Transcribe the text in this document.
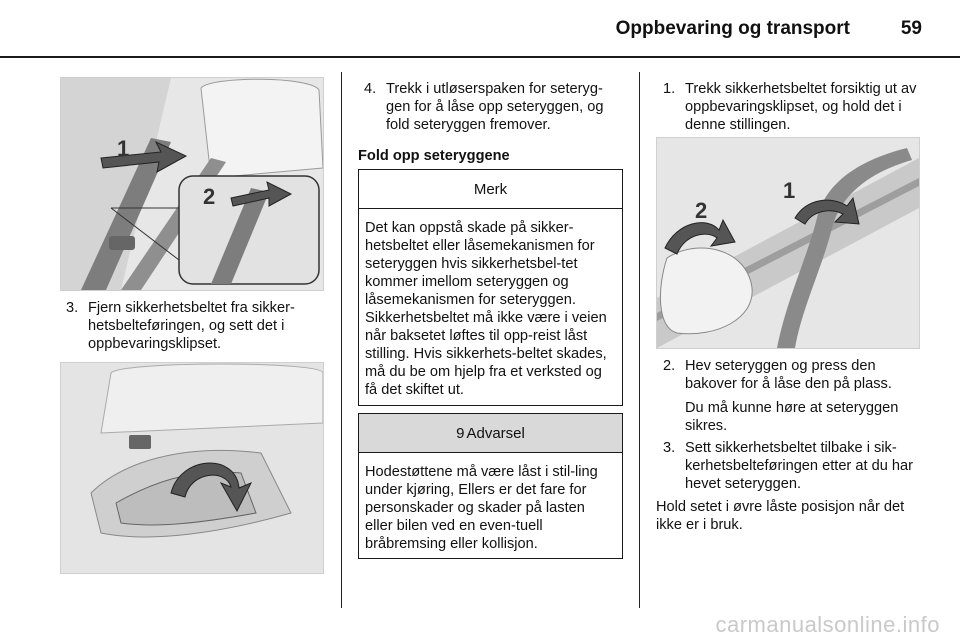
Oppbevaring og transport	59
1
2
3. Fjern sikkerhetsbeltet fra sikker-hetsbelteføringen, og sett det i oppbevaringsklipset.
4. Trekk i utløserspaken for seteryg-gen for å låse opp seteryggen, og fold seteryggen fremover.
Fold opp seteryggene
Merk
Det kan oppstå skade på sikker-hetsbeltet eller låsemekanismen for seteryggen hvis sikkerhetsbel-tet kommer imellom seteryggen og låsemekanismen for seteryggen. Sikkerhetsbeltet må ikke være i veien når baksetet løftes til opp-reist låst stilling. Hvis sikkerhets-beltet skades, må du be om hjelp fra et verksted og få det skiftet ut.
9 Advarsel
Hodestøttene må være låst i stil-ling under kjøring, Ellers er det fare for personskader og skader på lasten eller bilen ved en even-tuell bråbremsing eller kollisjon.
1. Trekk sikkerhetsbeltet forsiktig ut av oppbevaringsklipset, og hold det i denne stillingen.
2
1
2. Hev seteryggen og press den bakover for å låse den på plass.
Du må kunne høre at seteryggen sikres.
3. Sett sikkerhetsbeltet tilbake i sik-kerhetsbelteføringen etter at du har hevet seteryggen.
Hold setet i øvre låste posisjon når det ikke er i bruk.
carmanualsonline.info
